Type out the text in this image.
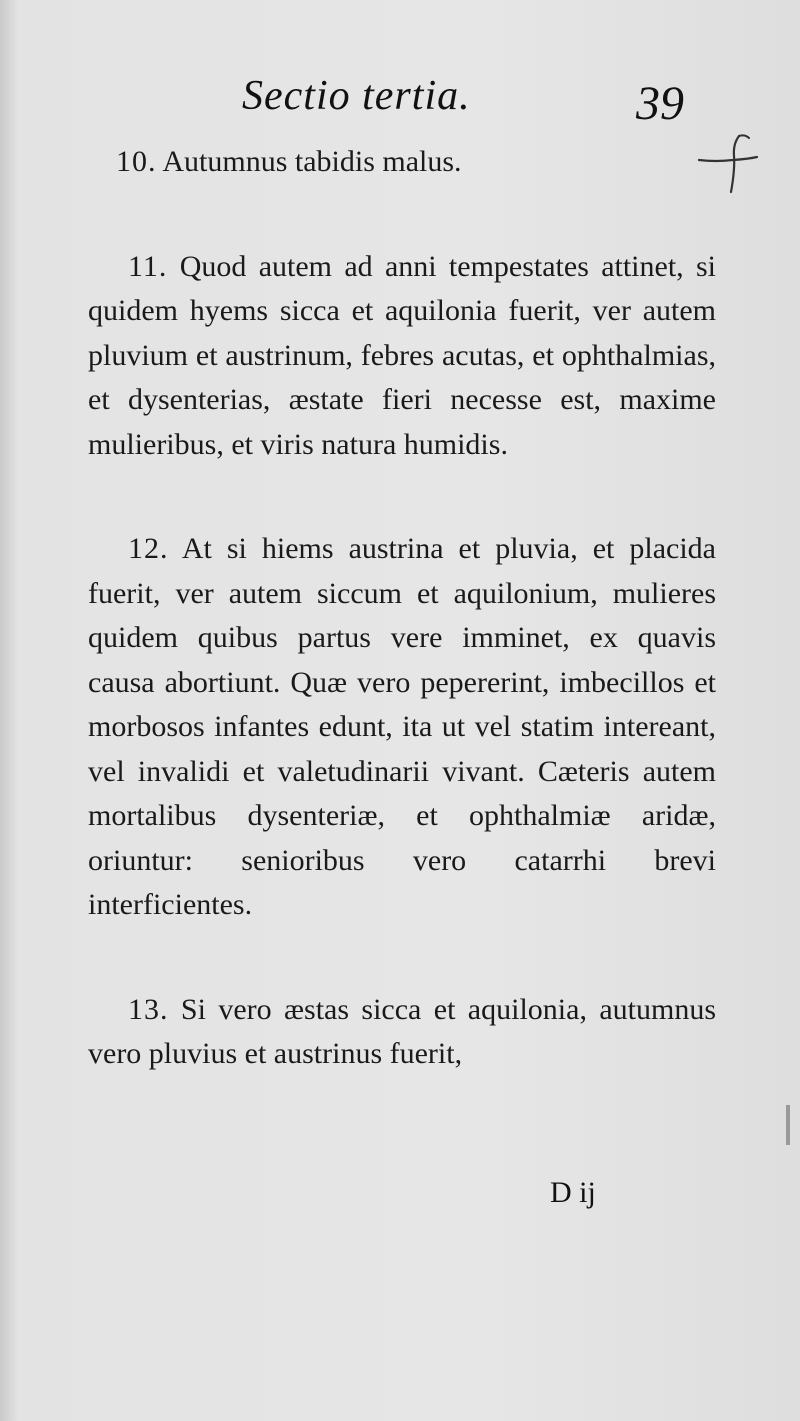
Sectio tertia.	39

10. Autumnus tabidis malus.

11. Quod autem ad anni tempestates attinet, si quidem hyems sicca et aquilonia fuerit, ver autem pluvium et austrinum, febres acutas, et ophthalmias, et dysenterias, æstate fieri necesse est, maxime mulieribus, et viris natura humidis.

12. At si hiems austrina et pluvia, et placida fuerit, ver autem siccum et aquilonium, mulieres quidem quibus partus vere imminet, ex quavis causa abortiunt. Quæ vero pepererint, imbecillos et morbosos infantes edunt, ita ut vel statim intereant, vel invalidi et valetudinarii vivant. Cæteris autem mortalibus dysenteriæ, et ophthalmiæ aridæ, oriuntur: senioribus vero catarrhi brevi interficientes.

13. Si vero æstas sicca et aquilonia, autumnus vero pluvius et austrinus fuerit,

D ij
